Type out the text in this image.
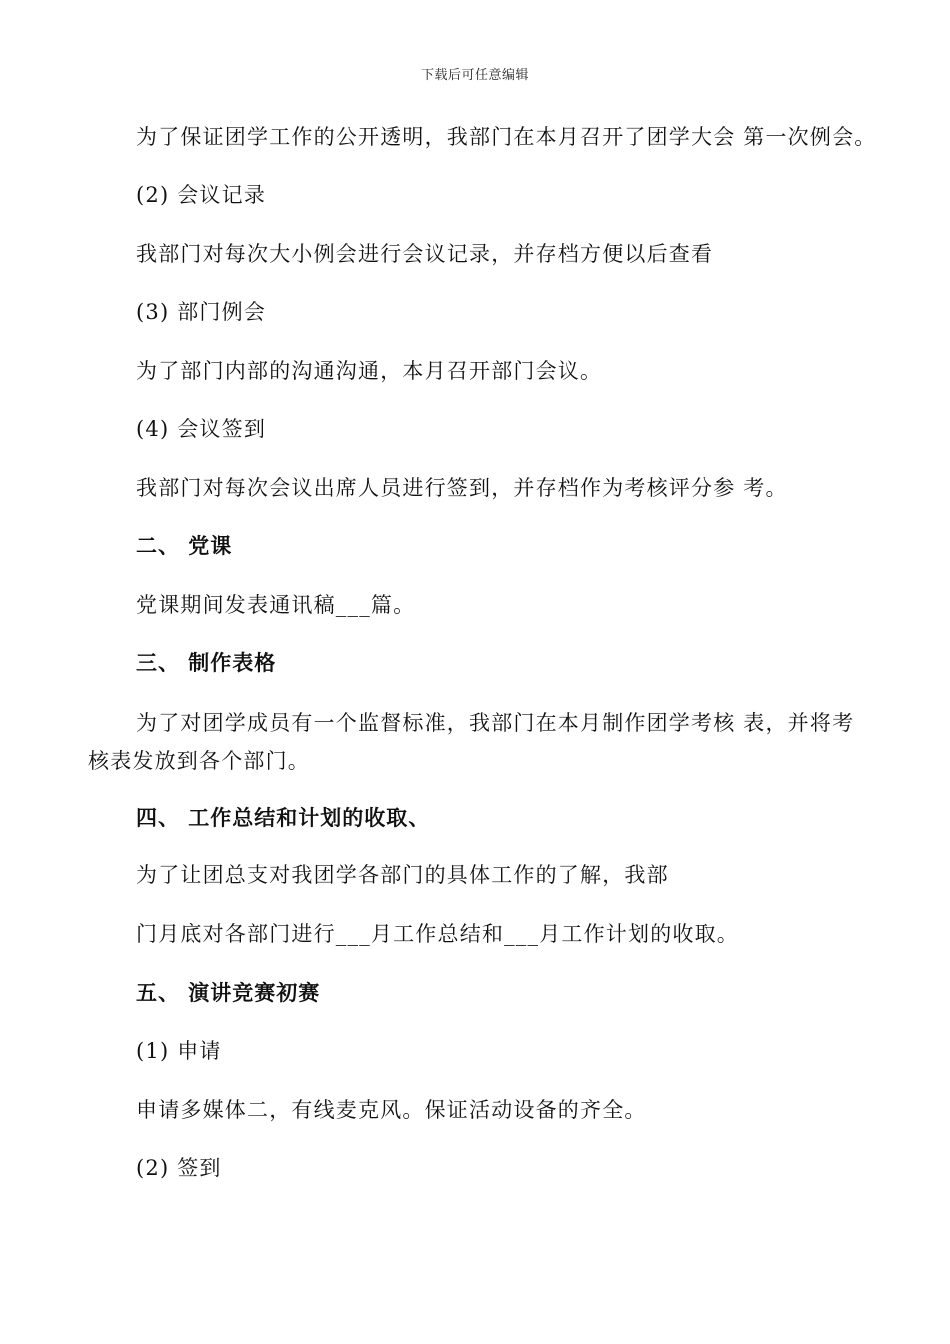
下载后可任意编辑
为了保证团学工作的公开透明，我部门在本月召开了团学大会 第一次例会。
(2) 会议记录
我部门对每次大小例会进行会议记录，并存档方便以后查看
(3) 部门例会
为了部门内部的沟通沟通，本月召开部门会议。
(4) 会议签到
我部门对每次会议出席人员进行签到，并存档作为考核评分参 考。
二、 党课
党课期间发表通讯稿___篇。
三、 制作表格
为了对团学成员有一个监督标准，我部门在本月制作团学考核 表，并将考核表发放到各个部门。
四、 工作总结和计划的收取、
为了让团总支对我团学各部门的具体工作的了解，我部
门月底对各部门进行___月工作总结和___月工作计划的收取。
五、 演讲竞赛初赛
(1) 申请
申请多媒体二，有线麦克风。保证活动设备的齐全。
(2) 签到
